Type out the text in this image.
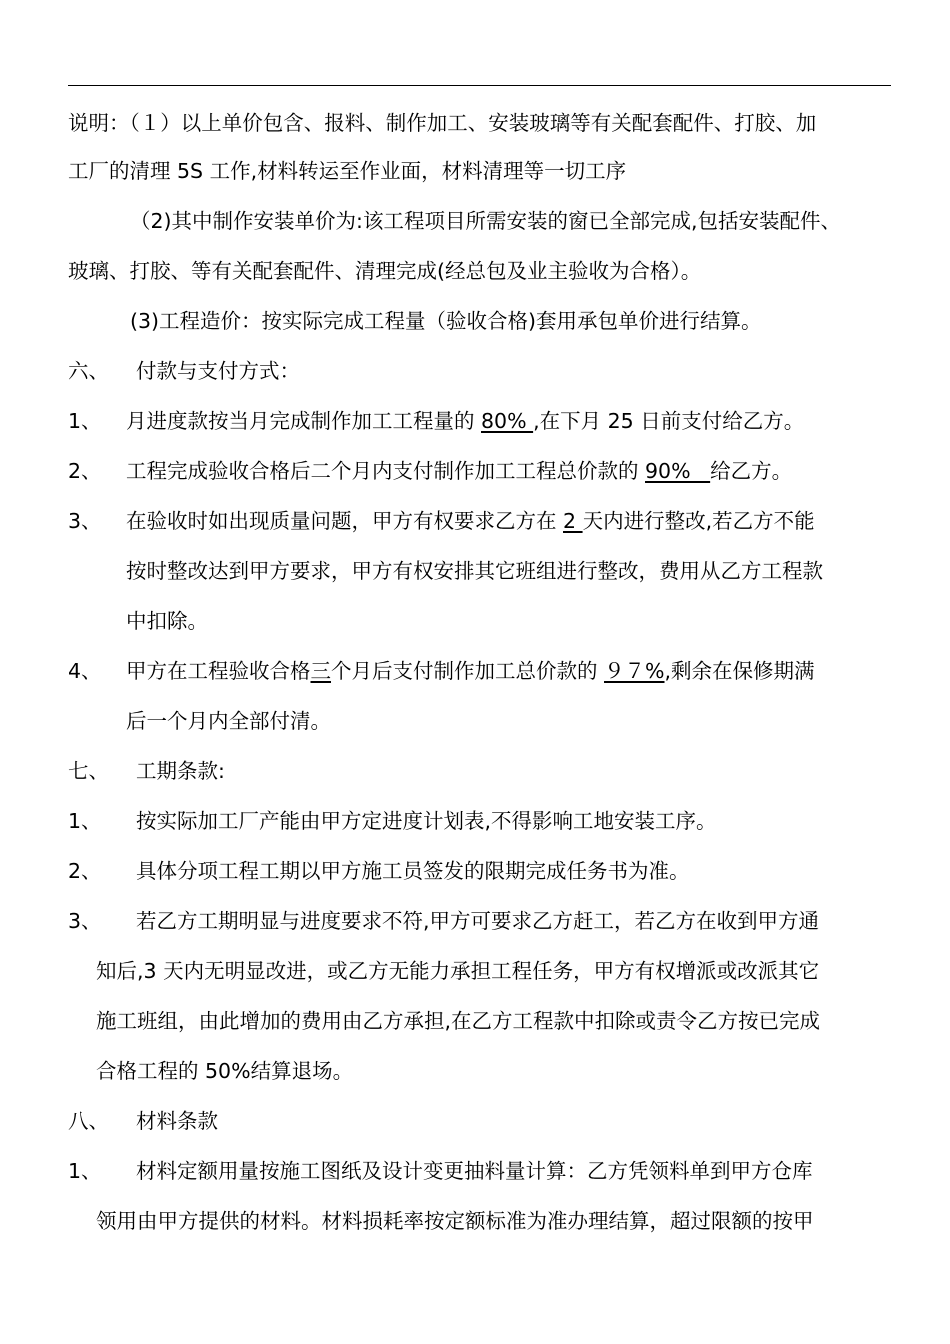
说明：（１）以上单价包含、报料、制作加工、安装玻璃等有关配套配件、打胶、加
工厂的清理 5S 工作,材料转运至作业面，材料清理等一切工序
（2)其中制作安装单价为:该工程项目所需安装的窗已全部完成,包括安装配件、
玻璃、打胶、等有关配套配件、清理完成(经总包及业主验收为合格）。
(3)工程造价：按实际完成工程量（验收合格)套用承包单价进行结算。
六、 付款与支付方式：
1、 月进度款按当月完成制作加工工程量的 80% ,在下月 25 日前支付给乙方。
2、 工程完成验收合格后二个月内支付制作加工工程总价款的 90%   给乙方。
3、 在验收时如出现质量问题，甲方有权要求乙方在 2 天内进行整改,若乙方不能
按时整改达到甲方要求，甲方有权安排其它班组进行整改，费用从乙方工程款
中扣除。
4、 甲方在工程验收合格三个月后支付制作加工总价款的 ９７%,剩余在保修期满
后一个月内全部付清。
七、 工期条款:
1、 按实际加工厂产能由甲方定进度计划表,不得影响工地安装工序。
2、 具体分项工程工期以甲方施工员签发的限期完成任务书为准。
3、 若乙方工期明显与进度要求不符,甲方可要求乙方赶工，若乙方在收到甲方通
知后,3 天内无明显改进，或乙方无能力承担工程任务，甲方有权增派或改派其它
施工班组，由此增加的费用由乙方承担,在乙方工程款中扣除或责令乙方按已完成
合格工程的 50%结算退场。
八、 材料条款
1、 材料定额用量按施工图纸及设计变更抽料量计算：乙方凭领料单到甲方仓库
领用由甲方提供的材料。材料损耗率按定额标准为准办理结算，超过限额的按甲
